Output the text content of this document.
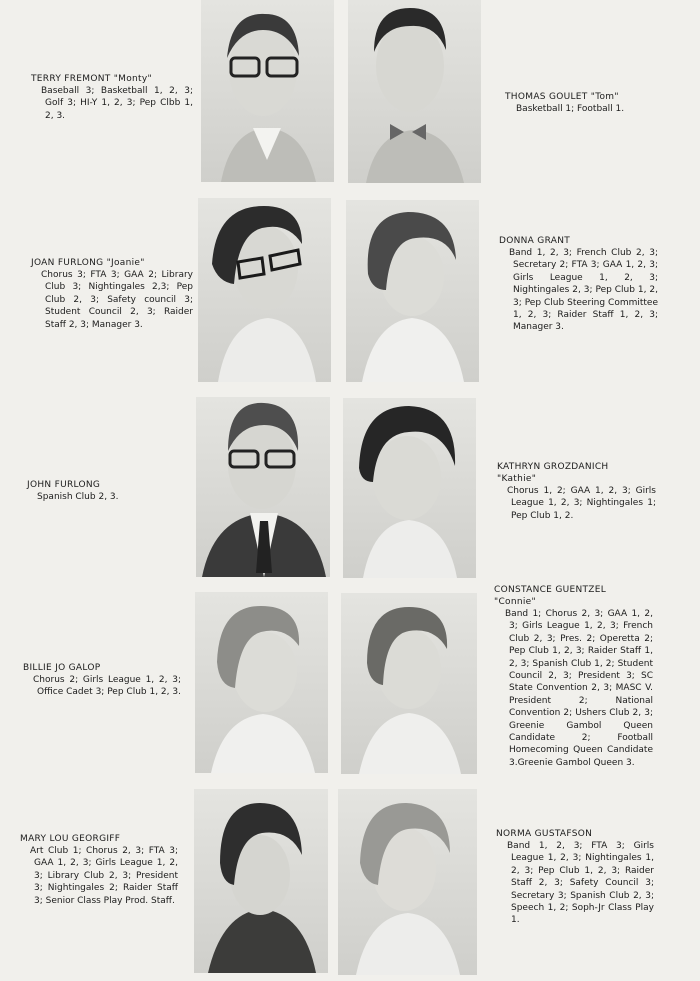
TERRY FREMONT "Monty"
Baseball 3; Basketball 1, 2, 3; Golf 3; HI-Y 1, 2, 3; Pep Clbb 1, 2, 3.
THOMAS GOULET "Tom"
Basketball 1; Football 1.
JOAN FURLONG "Joanie"
Chorus 3; FTA 3; GAA 2; Library Club 3; Nightingales 2,3; Pep Club 2, 3; Safety council 3; Student Council 2, 3; Raider Staff 2, 3; Manager 3.
DONNA GRANT
Band 1, 2, 3; French Club 2, 3; Secretary 2; FTA 3; GAA 1, 2, 3; Girls League 1, 2, 3; Nightingales 2, 3; Pep Club 1, 2, 3; Pep Club Steering Committee 1, 2, 3; Raider Staff 1, 2, 3; Manager 3.
JOHN FURLONG
Spanish Club 2, 3.
KATHRYN GROZDANICH
"Kathie"
Chorus 1, 2; GAA 1, 2, 3; Girls League 1, 2, 3; Nightingales 1; Pep Club 1, 2.
CONSTANCE GUENTZEL
"Connie"
Band 1; Chorus 2, 3; GAA 1, 2, 3; Girls League 1, 2, 3; French Club 2, 3; Pres. 2; Operetta 2; Pep Club 1, 2, 3; Raider Staff 1, 2, 3; Spanish Club 1, 2; Student Council 2, 3; President 3; SC State Convention 2, 3; MASC V. President 2; National Convention 2; Ushers Club 2, 3; Greenie Gambol Queen Candidate 2; Football Homecoming Queen Candidate 3.Greenie Gambol Queen 3.
BILLIE JO GALOP
Chorus 2; Girls League 1, 2, 3; Office Cadet 3; Pep Club 1, 2, 3.
MARY LOU GEORGIFF
Art Club 1; Chorus 2, 3; FTA 3; GAA 1, 2, 3; Girls League 1, 2, 3; Library Club 2, 3; President 3; Nightingales 2; Raider Staff 3; Senior Class Play Prod. Staff.
NORMA GUSTAFSON
Band 1, 2, 3; FTA 3; Girls League 1, 2, 3; Nightingales 1, 2, 3; Pep Club 1, 2, 3; Raider Staff 2, 3; Safety Council 3; Secretary 3; Spanish Club 2, 3; Speech 1, 2; Soph-Jr Class Play 1.
